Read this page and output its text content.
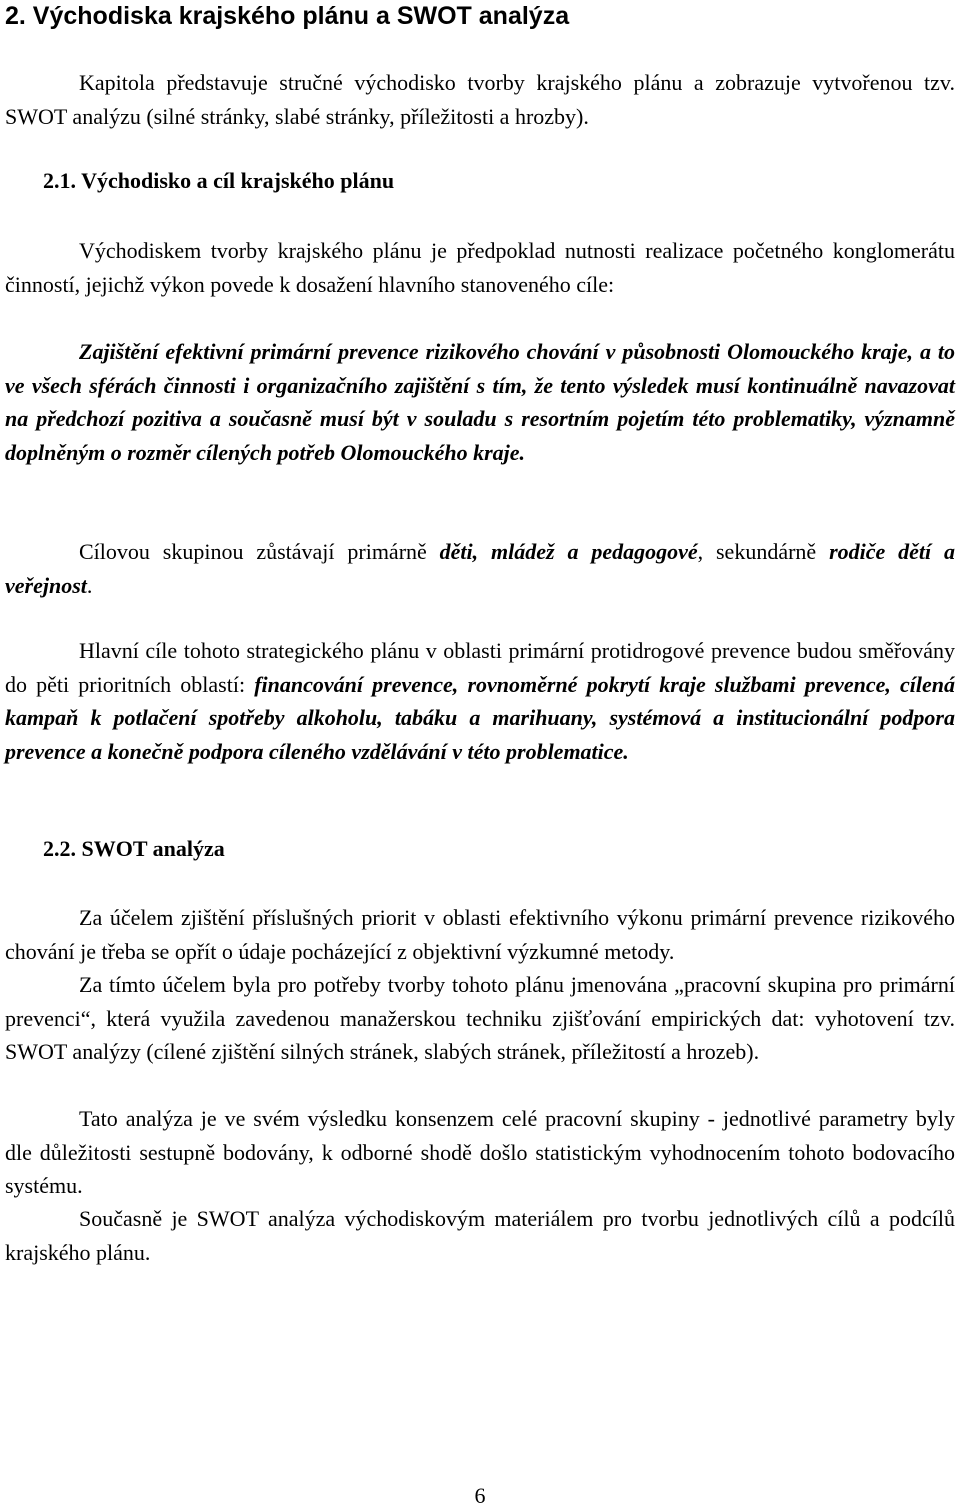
2. Východiska krajského plánu a SWOT analýza

Kapitola představuje stručné východisko tvorby krajského plánu a zobrazuje vytvořenou tzv. SWOT analýzu (silné stránky, slabé stránky, příležitosti a hrozby).

2.1. Východisko a cíl krajského plánu

Východiskem tvorby krajského plánu je předpoklad nutnosti realizace početného konglomerátu činností, jejichž výkon povede k dosažení hlavního stanoveného cíle:

Zajištění efektivní primární prevence rizikového chování v působnosti Olomouckého kraje, a to ve všech sférách činnosti i organizačního zajištění s tím, že tento výsledek musí kontinuálně navazovat na předchozí pozitiva a současně musí být v souladu s resortním pojetím této problematiky, významně doplněným o rozměr cílených potřeb Olomouckého kraje.

Cílovou skupinou zůstávají primárně děti, mládež a pedagogové, sekundárně rodiče dětí a veřejnost.

Hlavní cíle tohoto strategického plánu v oblasti primární protidrogové prevence budou směřovány do pěti prioritních oblastí: financování prevence, rovnoměrné pokrytí kraje službami prevence, cílená kampaň k potlačení spotřeby alkoholu, tabáku a marihuany, systémová a institucionální podpora prevence a konečně podpora cíleného vzdělávání v této problematice.

2.2. SWOT analýza

Za účelem zjištění příslušných priorit v oblasti efektivního výkonu primární prevence rizikového chování je třeba se opřít o údaje pocházející z objektivní výzkumné metody.

Za tímto účelem byla pro potřeby tvorby tohoto plánu jmenována „pracovní skupina pro primární prevenci“, která využila zavedenou manažerskou techniku zjišťování empirických dat: vyhotovení tzv. SWOT analýzy (cílené zjištění silných stránek, slabých stránek, příležitostí a hrozeb).

Tato analýza je ve svém výsledku konsenzem celé pracovní skupiny - jednotlivé parametry byly dle důležitosti sestupně bodovány, k odborné shodě došlo statistickým vyhodnocením tohoto bodovacího systému.

Současně je SWOT analýza východiskovým materiálem pro tvorbu jednotlivých cílů a podcílů krajského plánu.

6
